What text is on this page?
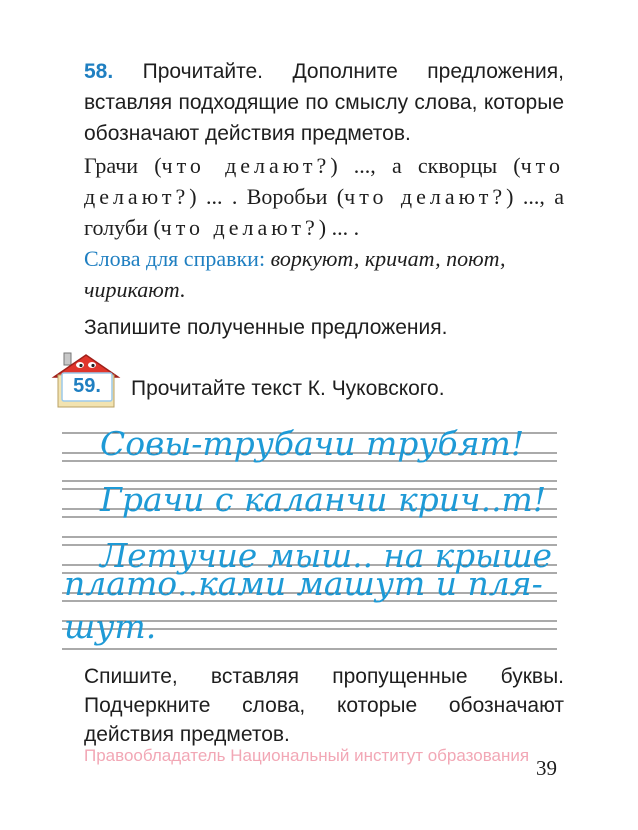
58. Прочитайте. Дополните предложения, вставляя подходящие по смыслу слова, которые обозначают действия предметов.
Грачи (что делают?) ..., а скворцы (что делают?) ... . Воробьи (что делают?) ..., а голуби (что делают?) ... .
Слова для справки: воркуют, кричат, поют, чирикают.
Запишите полученные предложения.
59.	Прочитайте текст К. Чуковского.
Совы-трубачи трубят!
Грачи с каланчи крич..т!
Летучие мыш.. на крыше
плато..ками машут и пля-
шут.
Спишите, вставляя пропущенные буквы. Подчеркните слова, которые обозначают действия предметов.
Правообладатель Национальный институт образования
39
